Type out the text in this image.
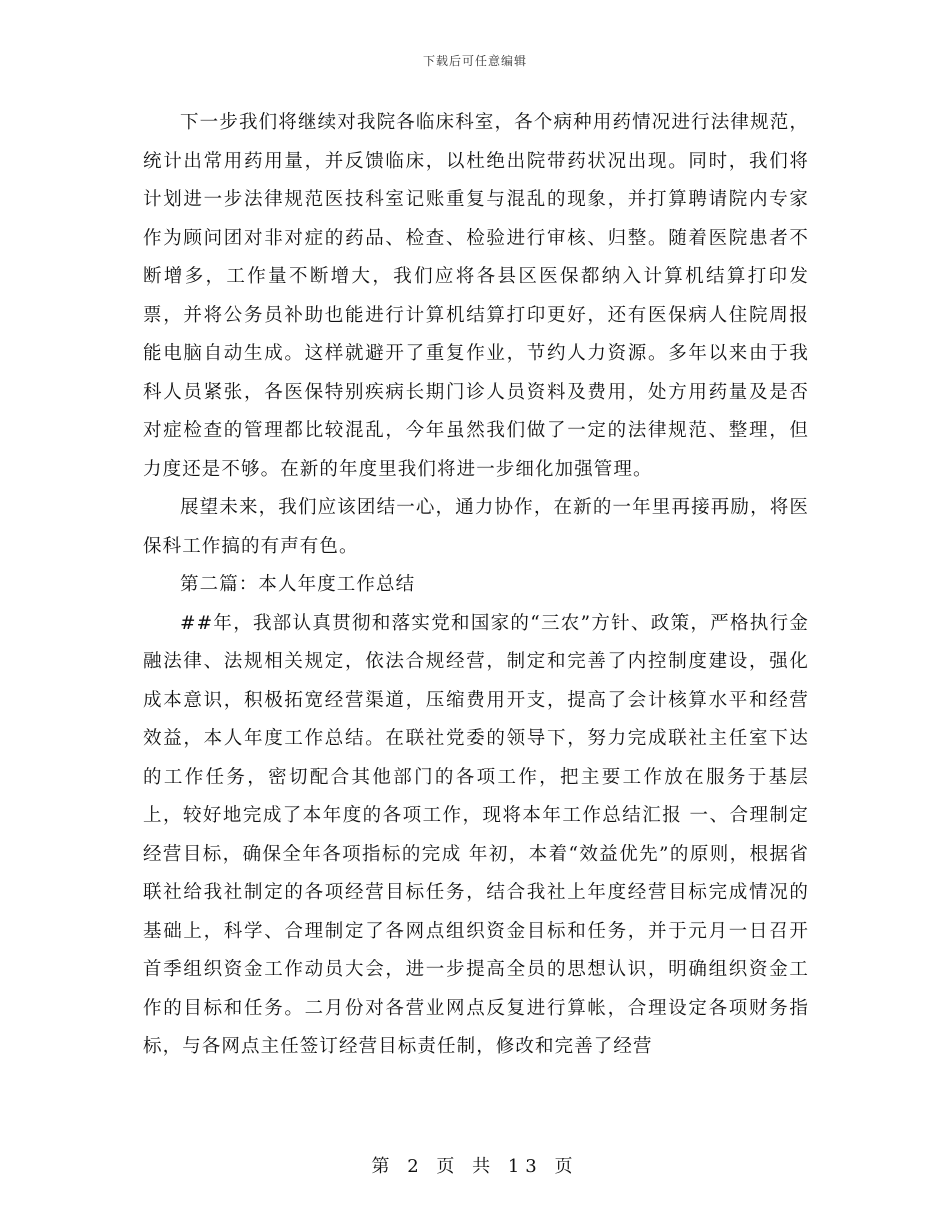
下载后可任意编辑

下一步我们将继续对我院各临床科室，各个病种用药情况进行法律规范，统计出常用药用量，并反馈临床，以杜绝出院带药状况出现。同时，我们将计划进一步法律规范医技科室记账重复与混乱的现象，并打算聘请院内专家作为顾问团对非对症的药品、检查、检验进行审核、归整。随着医院患者不断增多，工作量不断增大，我们应将各县区医保都纳入计算机结算打印发票，并将公务员补助也能进行计算机结算打印更好，还有医保病人住院周报能电脑自动生成。这样就避开了重复作业，节约人力资源。多年以来由于我科人员紧张，各医保特别疾病长期门诊人员资料及费用，处方用药量及是否对症检查的管理都比较混乱，今年虽然我们做了一定的法律规范、整理，但力度还是不够。在新的年度里我们将进一步细化加强管理。

展望未来，我们应该团结一心，通力协作，在新的一年里再接再励，将医保科工作搞的有声有色。

第二篇：本人年度工作总结

##年，我部认真贯彻和落实党和国家的“三农”方针、政策，严格执行金融法律、法规相关规定，依法合规经营，制定和完善了内控制度建设，强化成本意识，积极拓宽经营渠道，压缩费用开支，提高了会计核算水平和经营效益，本人年度工作总结。在联社党委的领导下，努力完成联社主任室下达的工作任务，密切配合其他部门的各项工作，把主要工作放在服务于基层上，较好地完成了本年度的各项工作，现将本年工作总结汇报 一、合理制定经营目标，确保全年各项指标的完成 年初，本着“效益优先”的原则，根据省联社给我社制定的各项经营目标任务，结合我社上年度经营目标完成情况的基础上，科学、合理制定了各网点组织资金目标和任务，并于元月一日召开首季组织资金工作动员大会，进一步提高全员的思想认识，明确组织资金工作的目标和任务。二月份对各营业网点反复进行算帐，合理设定各项财务指标，与各网点主任签订经营目标责任制，修改和完善了经营

第 2 页 共 13 页
